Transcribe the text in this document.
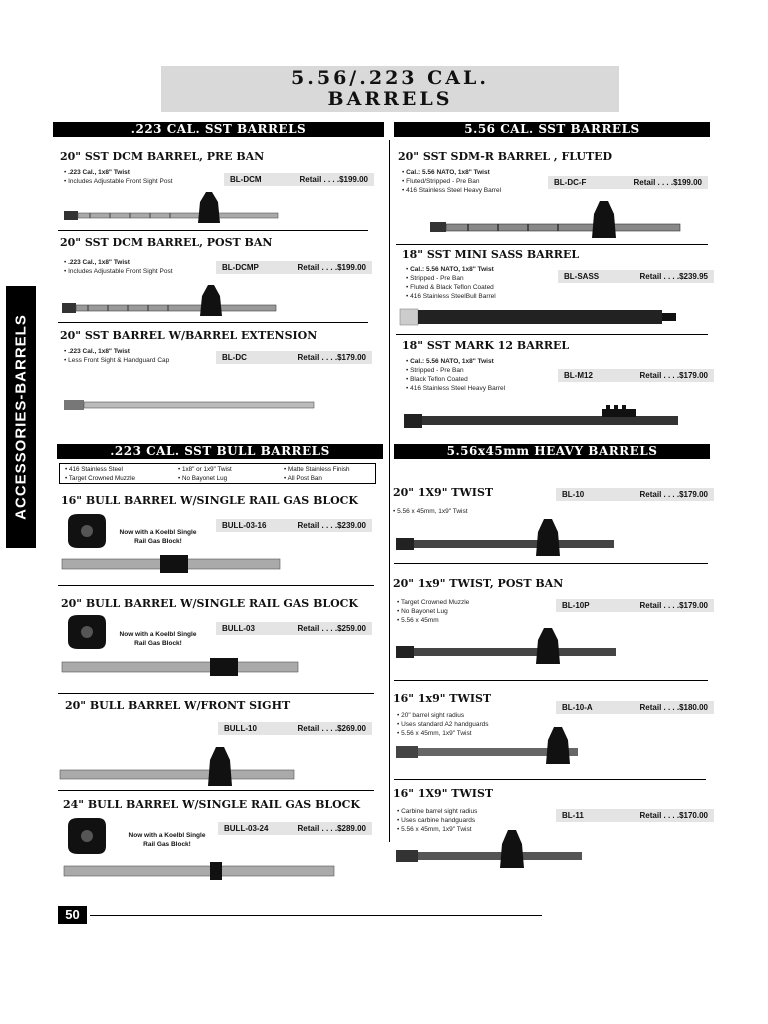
5.56/.223 CAL.
BARRELS
ACCESSORIES-BARRELS
.223 CAL. SST BARRELS	5.56 CAL. SST BARRELS
.223 CAL. SST BULL BARRELS	5.56x45mm HEAVY BARRELS
20" SST DCM BARREL, PRE BAN
• .223 Cal., 1x8" Twist
• Includes Adjustable Front Sight Post	BL-DCM	Retail . . . .$199.00
20" SST DCM BARREL, POST BAN
• .223 Cal., 1x8" Twist
• Includes Adjustable Front Sight Post	BL-DCMP	Retail . . . .$199.00
20" SST BARREL W/BARREL EXTENSION
• .223 Cal., 1x8" Twist
• Less Front Sight & Handguard Cap	BL-DC	Retail . . . .$179.00
20" SST SDM-R BARREL , FLUTED
• Cal.: 5.56 NATO, 1x8" Twist
• Fluted/Stripped - Pre Ban
• 416 Stainless Steel Heavy Barrel
BL-DC-F	Retail . . . .$199.00
18" SST MINI SASS BARREL
• Cal.: 5.56 NATO, 1x8" Twist
• Stripped - Pre Ban
• Fluted & Black Teflon Coated
• 416 Stainless SteelBull Barrel
BL-SASS	Retail . . . .$239.95
18" SST MARK 12 BARREL
• Cal.: 5.56 NATO, 1x8" Twist
• Stripped - Pre Ban
• Black Teflon Coated
• 416 Stainless Steel Heavy Barrel
BL-M12	Retail . . . .$179.00
• 416 Stainless Steel
• Target Crowned Muzzle
• 1x8" or 1x9" Twist
• No Bayonet Lug
• Matte Stainless Finish
• All Post Ban
16" BULL BARREL W/SINGLE RAIL GAS BLOCK
BULL-03-16	Retail . . . .$239.00
Now with a Koelbl Single
Rail Gas Block!
20" BULL BARREL W/SINGLE RAIL GAS BLOCK
BULL-03	Retail . . . .$259.00
Now with a Koelbl Single
Rail Gas Block!
20" BULL BARREL W/FRONT SIGHT
BULL-10	Retail . . . .$269.00
24" BULL BARREL W/SINGLE RAIL GAS BLOCK
BULL-03-24	Retail . . . .$289.00
Now with a Koelbl Single
Rail Gas Block!
20" 1X9" TWIST	BL-10	Retail . . . .$179.00
• 5.56 x 45mm, 1x9" Twist
20" 1x9" TWIST, POST BAN
BL-10P	Retail . . . .$179.00
• Target Crowned Muzzle
• No Bayonet Lug
• 5.56 x 45mm
16" 1x9" TWIST
BL-10-A	Retail . . . .$180.00
• 20" barrel sight radius
• Uses standard A2 handguards
• 5.56 x 45mm, 1x9" Twist
16" 1X9" TWIST
BL-11	Retail . . . .$170.00
• Carbine barrel sight radius
• Uses carbine handguards
• 5.56 x 45mm, 1x9" Twist
50
